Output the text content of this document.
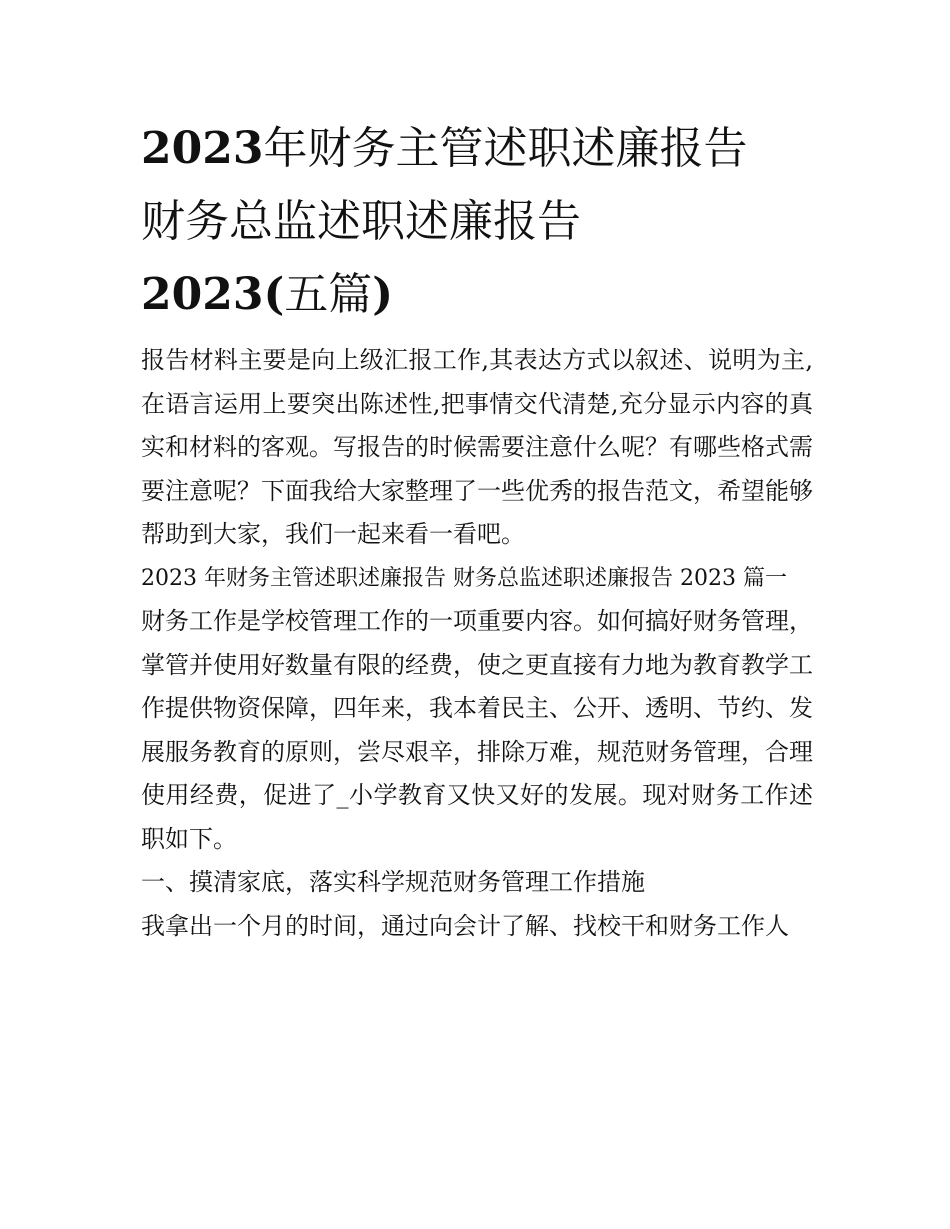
2023年财务主管述职述廉报告
财务总监述职述廉报告
2023(五篇)

报告材料主要是向上级汇报工作,其表达方式以叙述、说明为主,在语言运用上要突出陈述性,把事情交代清楚,充分显示内容的真实和材料的客观。写报告的时候需要注意什么呢？有哪些格式需要注意呢？下面我给大家整理了一些优秀的报告范文，希望能够帮助到大家，我们一起来看一看吧。

2023 年财务主管述职述廉报告 财务总监述职述廉报告 2023 篇一

财务工作是学校管理工作的一项重要内容。如何搞好财务管理，掌管并使用好数量有限的经费，使之更直接有力地为教育教学工作提供物资保障，四年来，我本着民主、公开、透明、节约、发展服务教育的原则，尝尽艰辛，排除万难，规范财务管理，合理使用经费，促进了_小学教育又快又好的发展。现对财务工作述职如下。

一、摸清家底，落实科学规范财务管理工作措施

我拿出一个月的时间，通过向会计了解、找校干和财务工作人
